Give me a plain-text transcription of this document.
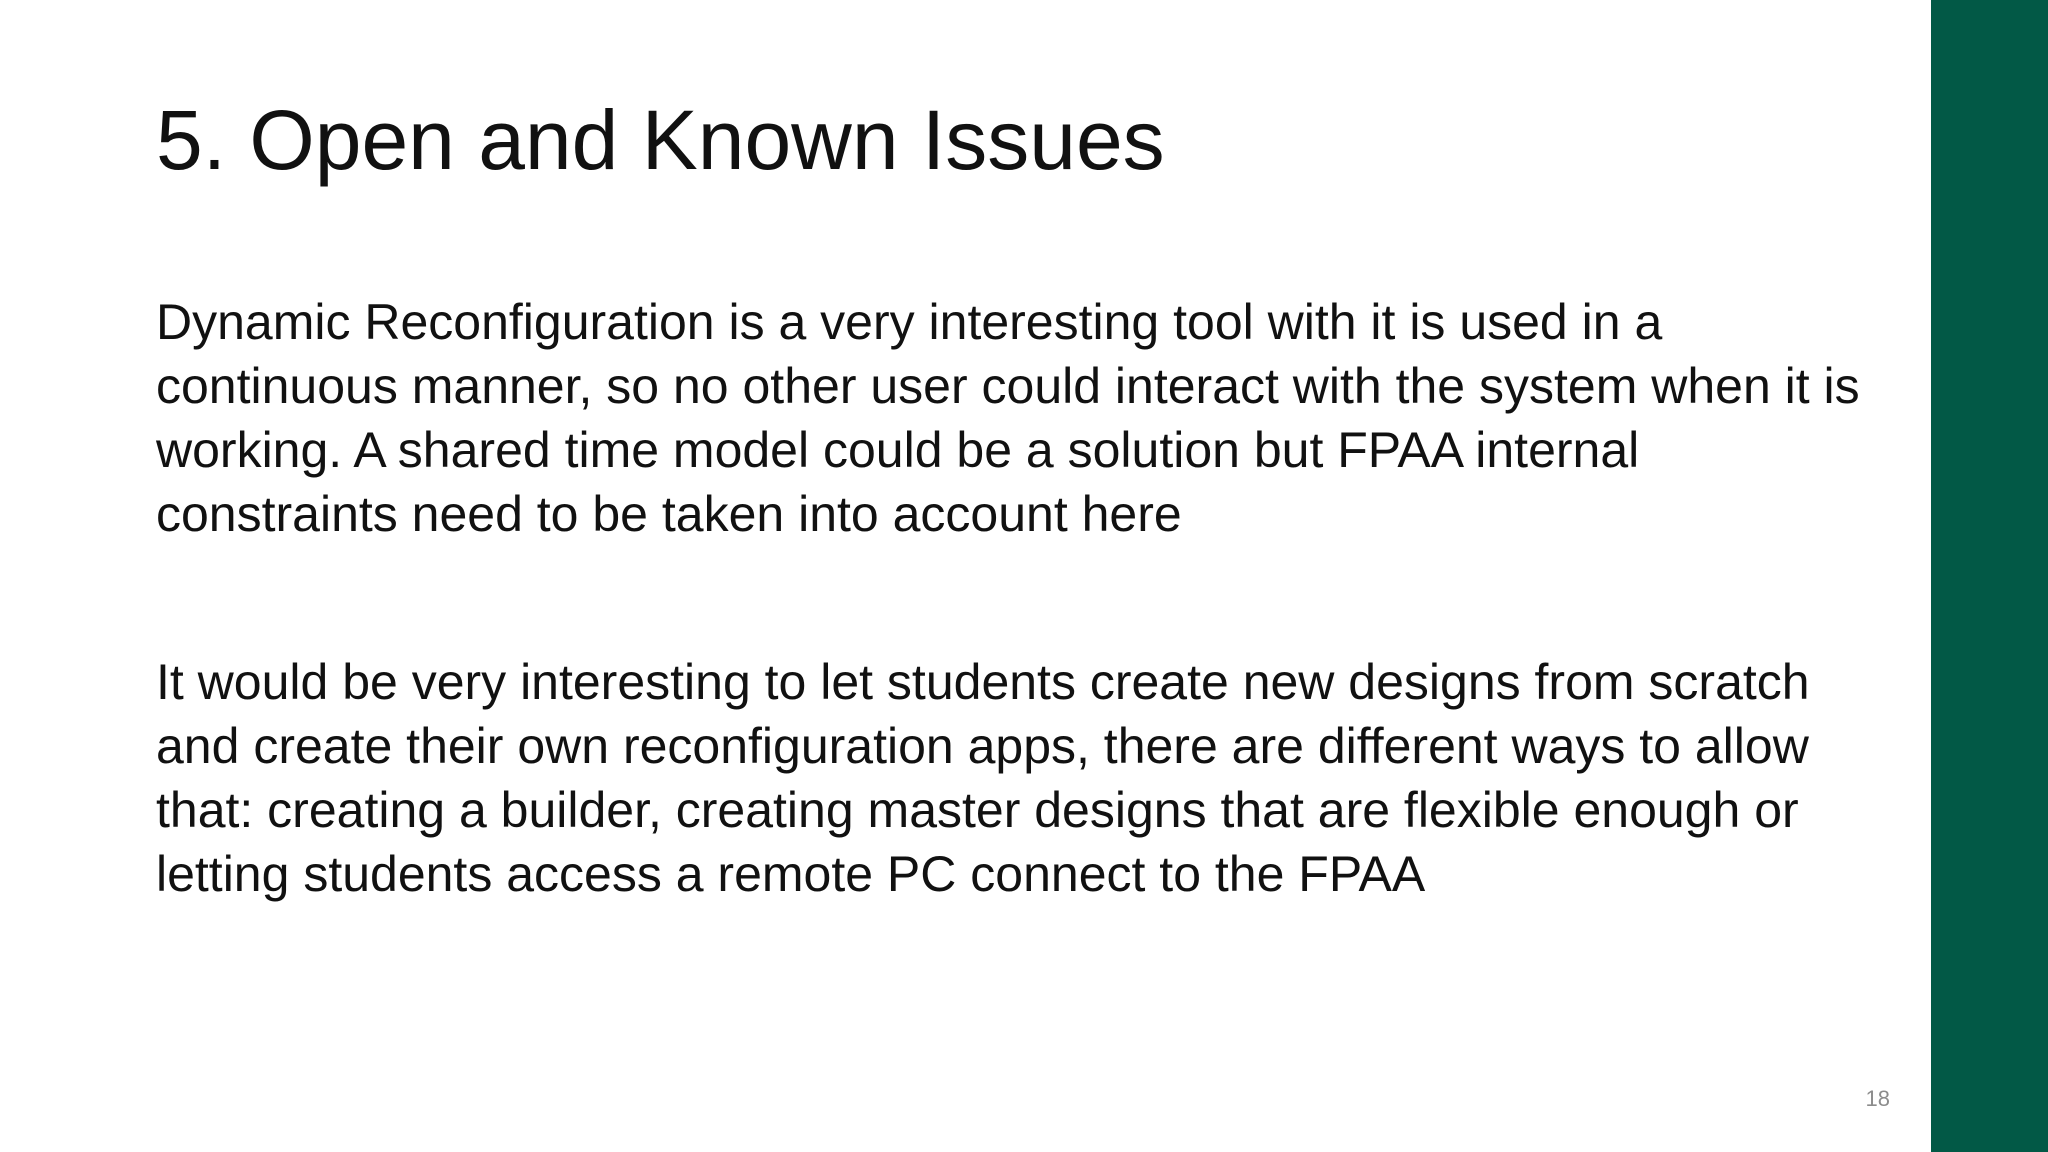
5. Open and Known Issues

Dynamic Reconfiguration is a very interesting tool with it is used in a continuous manner, so no other user could interact with the system when it is working. A shared time model could be a solution but FPAA internal constraints need to be taken into account here

It would be very interesting to let students create new designs from scratch and create their own reconfiguration apps, there are different ways to allow that: creating a builder, creating master designs that are flexible enough or letting students access a remote PC connect to the FPAA

18
